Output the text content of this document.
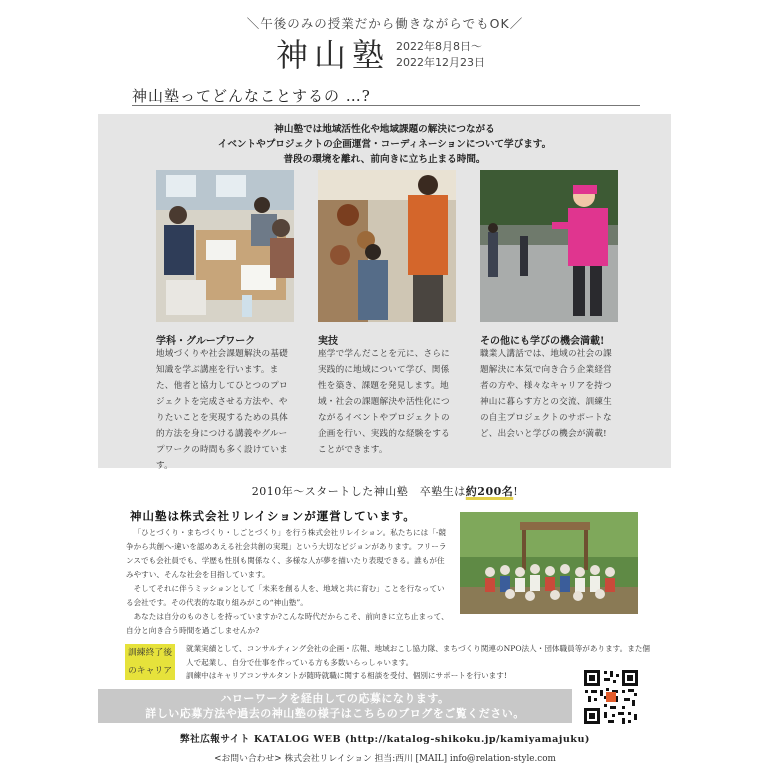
＼午後のみの授業だから働きながらでもOK／
神山塾 2022年8月8日〜
2022年12月23日
神山塾ってどんなことするの …?
神山塾では地域活性化や地域課題の解決につながる
イベントやプロジェクトの企画運営・コーディネーションについて学びます。
普段の環境を離れ、前向きに立ち止まる時間。
学科・グループワーク
地域づくりや社会課題解決の基礎知識を学ぶ講座を行います。また、他者と協力してひとつのプロジェクトを完成させる方法や、やりたいことを実現するための具体的方法を身につける講義やグループワークの時間も多く設けています。
実技
座学で学んだことを元に、さらに実践的に地域について学び、関係性を築き、課題を発見します。地域・社会の課題解決や活性化につながるイベントやプロジェクトの企画を行い、実践的な経験をすることができます。
その他にも学びの機会満載!
職業人講話では、地域の社会の課題解決に本気で向き合う企業経営者の方や、様々なキャリアを持つ神山に暮らす方との交流、訓練生の自主プロジェクトのサポートなど、出会いと学びの機会が満載!
2010年〜スタートした神山塾　卒塾生は約200名!
神山塾は株式会社リレイションが運営しています。

「ひとづくり・まちづくり・しごとづくり」を行う株式会社リレイション。私たちには「-競争から共創へ-違いを認めあえる社会共創の実現」という大切なビジョンがあります。フリーランスでも会社員でも、学歴も性別も関係なく、多様な人が夢を描いたり表現できる。誰もが住みやすい、そんな社会を目指しています。

そしてそれに伴うミッションとして「未来を創る人を、地域と共に育む」ことを行なっている会社です。その代表的な取り組みがこの“神山塾”。

あなたは自分のものさしを持っていますか?こんな時代だからこそ、前向きに立ち止まって、自分と向き合う時間を過ごしませんか?

訓練終了後
のキャリア
就業実績として、コンサルティング会社の企画・広報、地域おこし協力隊、まちづくり関連のNPO法人・団体職員等があります。また個人で起業し、自分で仕事を作っている方も多数いらっしゃいます。
訓練中はキャリアコンサルタントが随時就職に関する相談を受付、個別にサポートを行います!
ハローワークを経由しての応募になります。
詳しい応募方法や過去の神山塾の様子はこちらのブログをご覧ください。
弊社広報サイト KATALOG WEB (http://katalog-shikoku.jp/kamiyamajuku)
<お問い合わせ> 株式会社リレイション 担当:西川 [MAIL] info@relation-style.com
